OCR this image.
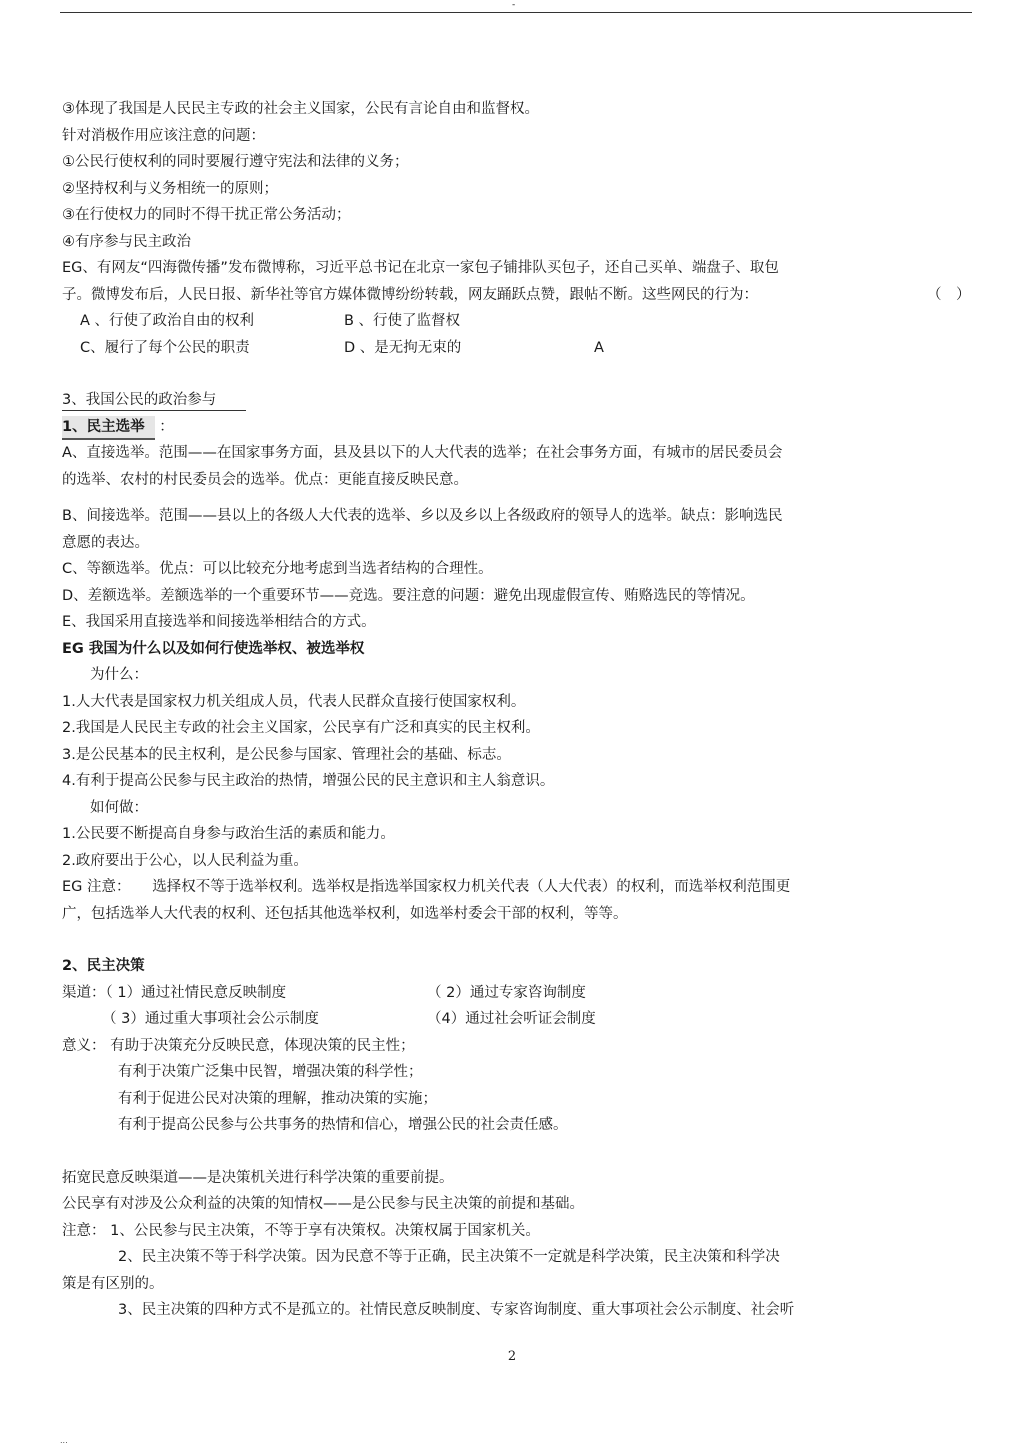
-
③体现了我国是人民民主专政的社会主义国家，公民有言论自由和监督权。
针对消极作用应该注意的问题：
①公民行使权利的同时要履行遵守宪法和法律的义务；
②坚持权利与义务相统一的原则；
③在行使权力的同时不得干扰正常公务活动；
④有序参与民主政治
EG、有网友“四海微传播”发布微博称，习近平总书记在北京一家包子铺排队买包子，还自己买单、端盘子、取包
子。微博发布后，人民日报、新华社等官方媒体微博纷纷转载，网友踊跃点赞，跟帖不断。这些网民的行为：	（　）
A 、行使了政治自由的权利	B 、行使了监督权
C、履行了每个公民的职责	D 、是无拘无束的	A
3、我国公民的政治参与
1、民主选举 ：
A、直接选举。范围——在国家事务方面，县及县以下的人大代表的选举；在社会事务方面，有城市的居民委员会
的选举、农村的村民委员会的选举。优点：更能直接反映民意。
B、间接选举。范围——县以上的各级人大代表的选举、乡以及乡以上各级政府的领导人的选举。缺点：影响选民
意愿的表达。
C、等额选举。优点：可以比较充分地考虑到当选者结构的合理性。
D、差额选举。差额选举的一个重要环节——竞选。要注意的问题：避免出现虚假宣传、贿赂选民的等情况。
E、我国采用直接选举和间接选举相结合的方式。
EG 我国为什么以及如何行使选举权、被选举权
为什么：
1.人大代表是国家权力机关组成人员，代表人民群众直接行使国家权利。
2.我国是人民民主专政的社会主义国家，公民享有广泛和真实的民主权利。
3.是公民基本的民主权利，是公民参与国家、管理社会的基础、标志。
4.有利于提高公民参与民主政治的热情，增强公民的民主意识和主人翁意识。
如何做：
1.公民要不断提高自身参与政治生活的素质和能力。
2.政府要出于公心，以人民利益为重。
EG 注意：　　选择权不等于选举权利。选举权是指选举国家权力机关代表（人大代表）的权利，而选举权利范围更
广，包括选举人大代表的权利、还包括其他选举权利，如选举村委会干部的权利，等等。
2、民主决策
渠道：（ 1）通过社情民意反映制度	（ 2）通过专家咨询制度
（ 3）通过重大事项社会公示制度	（4）通过社会听证会制度
意义： 有助于决策充分反映民意，体现决策的民主性；
有利于决策广泛集中民智，增强决策的科学性；
有利于促进公民对决策的理解，推动决策的实施；
有利于提高公民参与公共事务的热情和信心，增强公民的社会责任感。
拓宽民意反映渠道——是决策机关进行科学决策的重要前提。
公民享有对涉及公众利益的决策的知情权——是公民参与民主决策的前提和基础。
注意： 1、公民参与民主决策，不等于享有决策权。决策权属于国家机关。
2、民主决策不等于科学决策。因为民意不等于正确，民主决策不一定就是科学决策，民主决策和科学决
策是有区别的。
3、民主决策的四种方式不是孤立的。社情民意反映制度、专家咨询制度、重大事项社会公示制度、社会听
2
...
